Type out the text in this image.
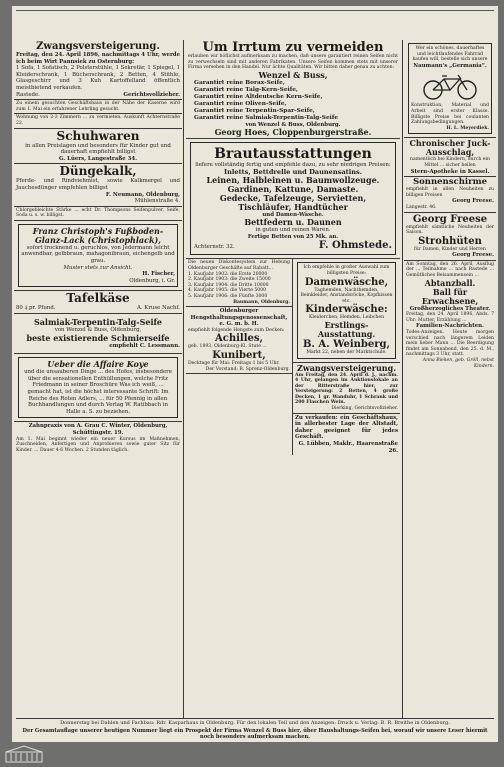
Zwangsversteigerung.
Freitag, den 24. April 1896, nachmittags 4 Uhr, werde ich beim Wirt Pannsiek zu Osternburg:
1 Sofa, 1 Sofatisch, 2 Polsterstühle, 1 Sekretär, 1 Spiegel, 1 Kleiderschrank, 1 Bücherschrank, 2 Betten, 4 Stühle, Glasgeschirr und 3 Kuh Kartoffelland öffentlich meistbietend verkaufen.
Rastede.	Gerichtsvollzieher.
Zu einem gesuchten Geschäftshaus in der Nähe der Kaserne wird zum 1. Mai ein erfahrener Lehrling gesucht.
Wohnung von 2-3 Zimmern ... zu vermieten. Auskunft Achternstraße 22.
Schuhwaren
in allen Preislagen und besonders für Kinder gut und dauerhaft empfiehlt billigst
G. Lüers, Langestraße 34.
Düngekalk,
Pferde- und Rindviehmist, sowie Kalkmergel und Jauchesdünger empfehlen billigst
F. Neumann, Oldenburg,
Mühlenstraße 4.
Chlorgebleichte Stärke ... echt Dr. Thompsons Seifenpulver, Seife, Soda u. s. w. billigst.
Franz Christoph's Fußboden-Glanz-Lack (Christophlack),
sofort trocknend u. geruchlos, von Jedermann leicht anwendbar, gelbbraun, mahagonibraun, eichengelb und grau.
Muster stets zur Ansicht.
H. Fischer,
Oldenburg, i. Gr.
Tafelkäse
80 ₰ pr. Pfund.	A. Kruse Nachf.
Salmiak-Terpentin-Talg-Seife
von Wenzel & Buss, Oldenburg,
beste existierende Schmierseife
empfiehlt C. Lessmann.
Ueber die Affaire Koye
und die unsauberen Dinge ... des Hofes, insbesondere über die sensationellen Enthüllungen, welche Fritz Friedmann in seiner Broschüre Was ich weiß, ... gemacht hat, ist die höchst interessante Schrift: Im Reiche des Roten Adlers, ... für 50 Pfennig in allen Buchhandlungen und durch Verlag W. Ratibbach in Halle a. S. zu beziehen.
Zahnpraxis von A. Grau C. Winter, Oldenburg, Schüttingstr. 19.
Am 1. Mai beginnt wieder ein neuer Kursus im Maßnehmen, Zuschneiden, Anfertigen und Anprobieren sowie guter Sitz für Kinder. ... Dauer 4-6 Wochen. 2 Stunden täglich.
Um Irrtum zu vermeiden
erlauben wir höflichst aufmerksam zu machen, daß unsere garantiert reinen Seifen nicht zu verwechseln sind mit anderen Fabrikaten. Unsere Seifen kommen stets mit unserer Firma versehen in den Handel. Nur ächte Qualitäten. Wir bitten daher genau zu achten:
Wenzel & Buss,
Garantirt reine Borax-Seife,
Garantirt reine Talg-Kern-Seife,
Garantirt reine Altdeutsche Kern-Seife,
Garantirt reine Oliven-Seife,
Garantirt reine Terpentin-Spar-Seife,
Garantirt reine Salmiak-Terpentin-Talg-Seife
von Wenzel & Buss, Oldenburg.
Georg Hoes, Cloppenburgerstraße.
Brautausstattungen
liefere vollständig fertig und empfehle dazu, zu sehr niedrigen Preisen:
Inletts, Bettdrelle und Daunensatins.
Leinen, Halbleinen u. Baumwollzeuge.
Gardinen, Kattune, Damaste.
Gedecke, Tafelzeuge, Servietten,
Tischläufer, Handtücher
und Damen-Wäsche.
Bettfedern u. Daunen
in guten und reinen Waren.
Fertige Betten von 25 Mk. an.
Achternstr. 32.	F. Ohmstede.
Die neuen Diskontesystem zur Hebung Oldenburger Geschäfte auf Rabatt...
1. Kaufjahr 1902: die Erste 20000
2. Kaufjahr 1903: die Zweite 15000
3. Kaufjahr 1904: die Dritte 10000
4. Kaufjahr 1905: die Vierte 5000
5. Kaufjahr 1906: die Fünfte 3000
Baumann, Oldenburg.
Oldenburger Hengsthaltungsgenossenschaft, e. G. m. b. H.
empfiehlt folgende Hengste zum Decken:
Achilles,
geb. 1893, Oldenburg-Kl. Stute ...
Kunibert,
Decktage für Mai: Freitags 1 bis 5 Uhr.
Der Vorstand: B. Sprenz-Oldenburg.
Ich empfehle in großer Auswahl zum billigsten Preise:
Damenwäsche,
Taghemden, Nachthemden, Beinkleider, Anstandsröcke, Kopfkissen etc.
Kinderwäsche:
Kleiderchen, Hemden, Leibchen
Erstlings-Ausstattung.
B. A. Weinberg,
Markt 22, neben der Marktschule.
Zwangsversteigerung.
Am Freitag, den 24. April d. J., nachm. 4 Uhr, gelangen im Auktionslokale an der Ritterstraße hier, zur Versteigerung: 2 Betten, 4 große Decken, 1 gr. Wanduhr, 1 Schrank und 200 Flaschen Wein.
Dierking, Gerichtsvollzieher.
Zu verkaufen: ein Geschäftshaus, in allerbester Lage der Altstadt, daher geeignet für jedes Geschäft.
G. Lübben, Maklr., Haarenstraße 26.
Wer ein schönes, dauerhaftes und leichtlaufendes Fahrrad kaufen will, bestelle sich unsere
Naumann's „Germania“.
Konstruktion, Material und Arbeit sind erster Klasse. Billigste Preise bei coulanten Zahlungsbedingungen.
H. L. Meyerdiek.
Chronischer Juck-Ausschlag,
namentlich bei Kindern, durch ein Mittel ... sicher heilen
Stern-Apotheke in Kassel.
Sonnenschirme
empfiehlt in allen Neuheiten zu billigen Preisen
Georg Freese.
Langestr. 46.
Georg Freese
empfiehlt sämtliche Neuheiten der Saison.
Strohhüten
für Damen, Kinder und Herren
Georg Freese.
Am Sonntag, den 26. April, Ausflug der ... Teilnahme ... nach Rastede ... Gemütliches Beisammensein ...
Abtanzball.
Ball für Erwachsene,
Großherzogliches Theater.
Freitag, den 24. April 1896, Abds. 7 Uhr: Mutter, Erzählung ...
Familien-Nachrichten.
Todes-Anzeigen. Heute morgen verschied nach längerem Leiden mein lieber Mann ... Die Beerdigung findet am Sonnabend, den 25. d. M., nachmittags 3 Uhr, statt.
Anna Bieken, geb. Gröll, nebst Kindern.
Donnerstag bei Dahlen und Fachbau: Rdr. Kasparhaus in Oldenburg. Für den lokalen Teil und den Anzeigen: Druck u. Verlag: B. R. Breithe in Oldenburg.
Der Gesamtauflage unserer heutigen Nummer liegt ein Prospekt der Firma Wenzel & Buss hier, über Haushaltungs-Seifen bei, worauf wir unsere Leser hiermit noch besonders aufmerksam machen.
